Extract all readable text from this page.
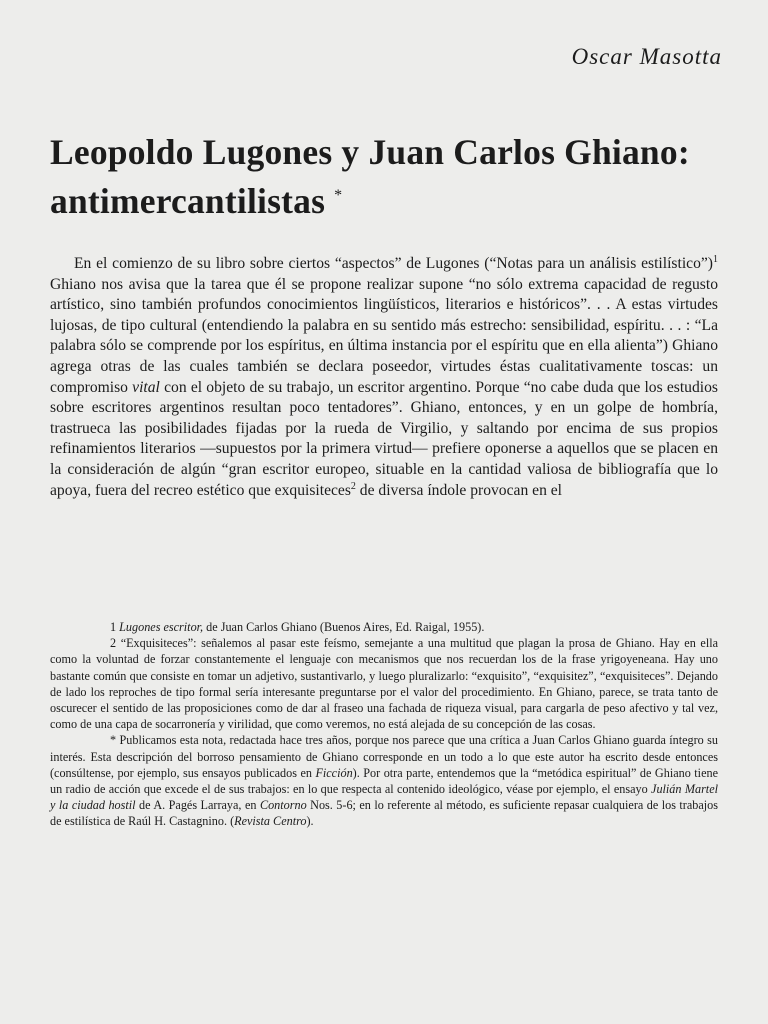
Oscar Masotta
Leopoldo Lugones y Juan Carlos Ghiano: antimercantilistas *

En el comienzo de su libro sobre ciertos “aspectos” de Lugones (“Notas para un análisis estilístico”)$^1$ Ghiano nos avisa que la tarea que él se propone realizar supone “no sólo extrema capacidad de regusto artístico, sino también profundos conocimientos lingüísticos, literarios e históricos”. . . A estas virtudes lujosas, de tipo cultural (entendiendo la palabra en su sentido más estrecho: sensibilidad, espíritu. . . : “La palabra sólo se comprende por los espíritus, en última instancia por el espíritu que en ella alienta”) Ghiano agrega otras de las cuales también se declara poseedor, virtudes éstas cualitativamente toscas: un compromiso vital con el objeto de su trabajo, un escritor argentino. Porque “no cabe duda que los estudios sobre escritores argentinos resultan poco tentadores”. Ghiano, entonces, y en un golpe de hombría, trastrueca las posibilidades fijadas por la rueda de Virgilio, y saltando por encima de sus propios refinamientos literarios —supuestos por la primera virtud— prefiere oponerse a aquellos que se placen en la consideración de algún “gran escritor europeo, situable en la cantidad valiosa de bibliografía que lo apoya, fuera del recreo estético que exquisiteces$^2$ de diversa índole provocan en el

1 Lugones escritor, de Juan Carlos Ghiano (Buenos Aires, Ed. Raigal, 1955).
2 “Exquisiteces”: señalemos al pasar este feísmo, semejante a una multitud que plagan la prosa de Ghiano. Hay en ella como la voluntad de forzar constantemente el lenguaje con mecanismos que nos recuerdan los de la frase yrigoyeneana. Hay uno bastante común que consiste en tomar un adjetivo, sustantivarlo, y luego pluralizarlo: “exquisito”, “exquisitez”, “exquisiteces”. Dejando de lado los reproches de tipo formal sería interesante preguntarse por el valor del procedimiento. En Ghiano, parece, se trata tanto de oscurecer el sentido de las proposiciones como de dar al fraseo una fachada de riqueza visual, para cargarla de peso afectivo y tal vez, como de una capa de socarronería y virilidad, que como veremos, no está alejada de su concepción de las cosas.
* Publicamos esta nota, redactada hace tres años, porque nos parece que una crítica a Juan Carlos Ghiano guarda íntegro su interés. Esta descripción del borroso pensamiento de Ghiano corresponde en un todo a lo que este autor ha escrito desde entonces (consúltense, por ejemplo, sus ensayos publicados en Ficción). Por otra parte, entendemos que la “metódica espiritual” de Ghiano tiene un radio de acción que excede el de sus trabajos: en lo que respecta al contenido ideológico, véase por ejemplo, el ensayo Julián Martel y la ciudad hostil de A. Pagés Larraya, en Contorno Nos. 5-6; en lo referente al método, es suficiente repasar cualquiera de los trabajos de estilística de Raúl H. Castagnino. (Revista Centro).
